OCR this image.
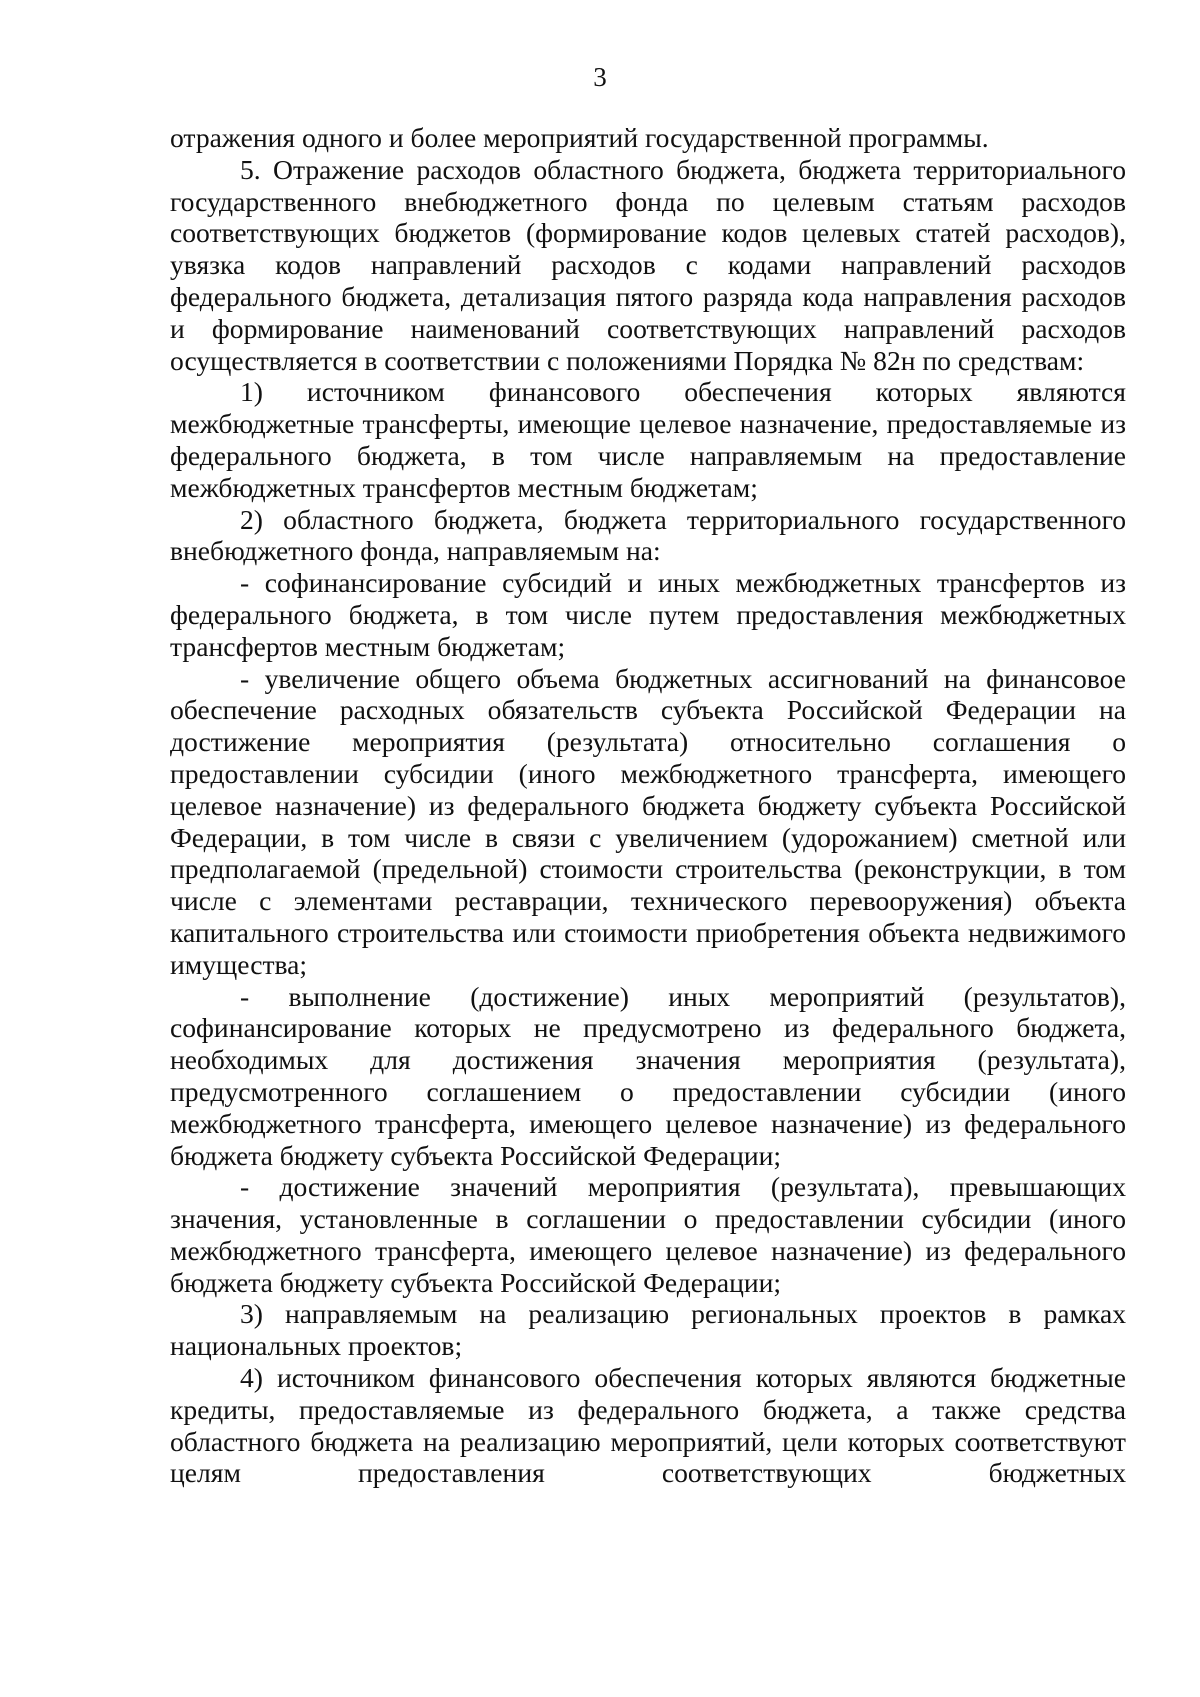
3

отражения одного и более мероприятий государственной программы.

5. Отражение расходов областного бюджета, бюджета территориального государственного внебюджетного фонда по целевым статьям расходов соответствующих бюджетов (формирование кодов целевых статей расходов), увязка кодов направлений расходов с кодами направлений расходов федерального бюджета, детализация пятого разряда кода направления расходов и формирование наименований соответствующих направлений расходов осуществляется в соответствии с положениями Порядка № 82н по средствам:

1) источником финансового обеспечения которых являются межбюджетные трансферты, имеющие целевое назначение, предоставляемые из федерального бюджета, в том числе направляемым на предоставление межбюджетных трансфертов местным бюджетам;

2) областного бюджета, бюджета территориального государственного внебюджетного фонда, направляемым на:

- софинансирование субсидий и иных межбюджетных трансфертов из федерального бюджета, в том числе путем предоставления межбюджетных трансфертов местным бюджетам;

- увеличение общего объема бюджетных ассигнований на финансовое обеспечение расходных обязательств субъекта Российской Федерации на достижение мероприятия (результата) относительно соглашения о предоставлении субсидии (иного межбюджетного трансферта, имеющего целевое назначение) из федерального бюджета бюджету субъекта Российской Федерации, в том числе в связи с увеличением (удорожанием) сметной или предполагаемой (предельной) стоимости строительства (реконструкции, в том числе с элементами реставрации, технического перевооружения) объекта капитального строительства или стоимости приобретения объекта недвижимого имущества;

- выполнение (достижение) иных мероприятий (результатов), софинансирование которых не предусмотрено из федерального бюджета, необходимых для достижения значения мероприятия (результата), предусмотренного соглашением о предоставлении субсидии (иного межбюджетного трансферта, имеющего целевое назначение) из федерального бюджета бюджету субъекта Российской Федерации;

- достижение значений мероприятия (результата), превышающих значения, установленные в соглашении о предоставлении субсидии (иного межбюджетного трансферта, имеющего целевое назначение) из федерального бюджета бюджету субъекта Российской Федерации;

3) направляемым на реализацию региональных проектов в рамках национальных проектов;

4) источником финансового обеспечения которых являются бюджетные кредиты, предоставляемые из федерального бюджета, а также средства областного бюджета на реализацию мероприятий, цели которых соответствуют целям предоставления соответствующих бюджетных
